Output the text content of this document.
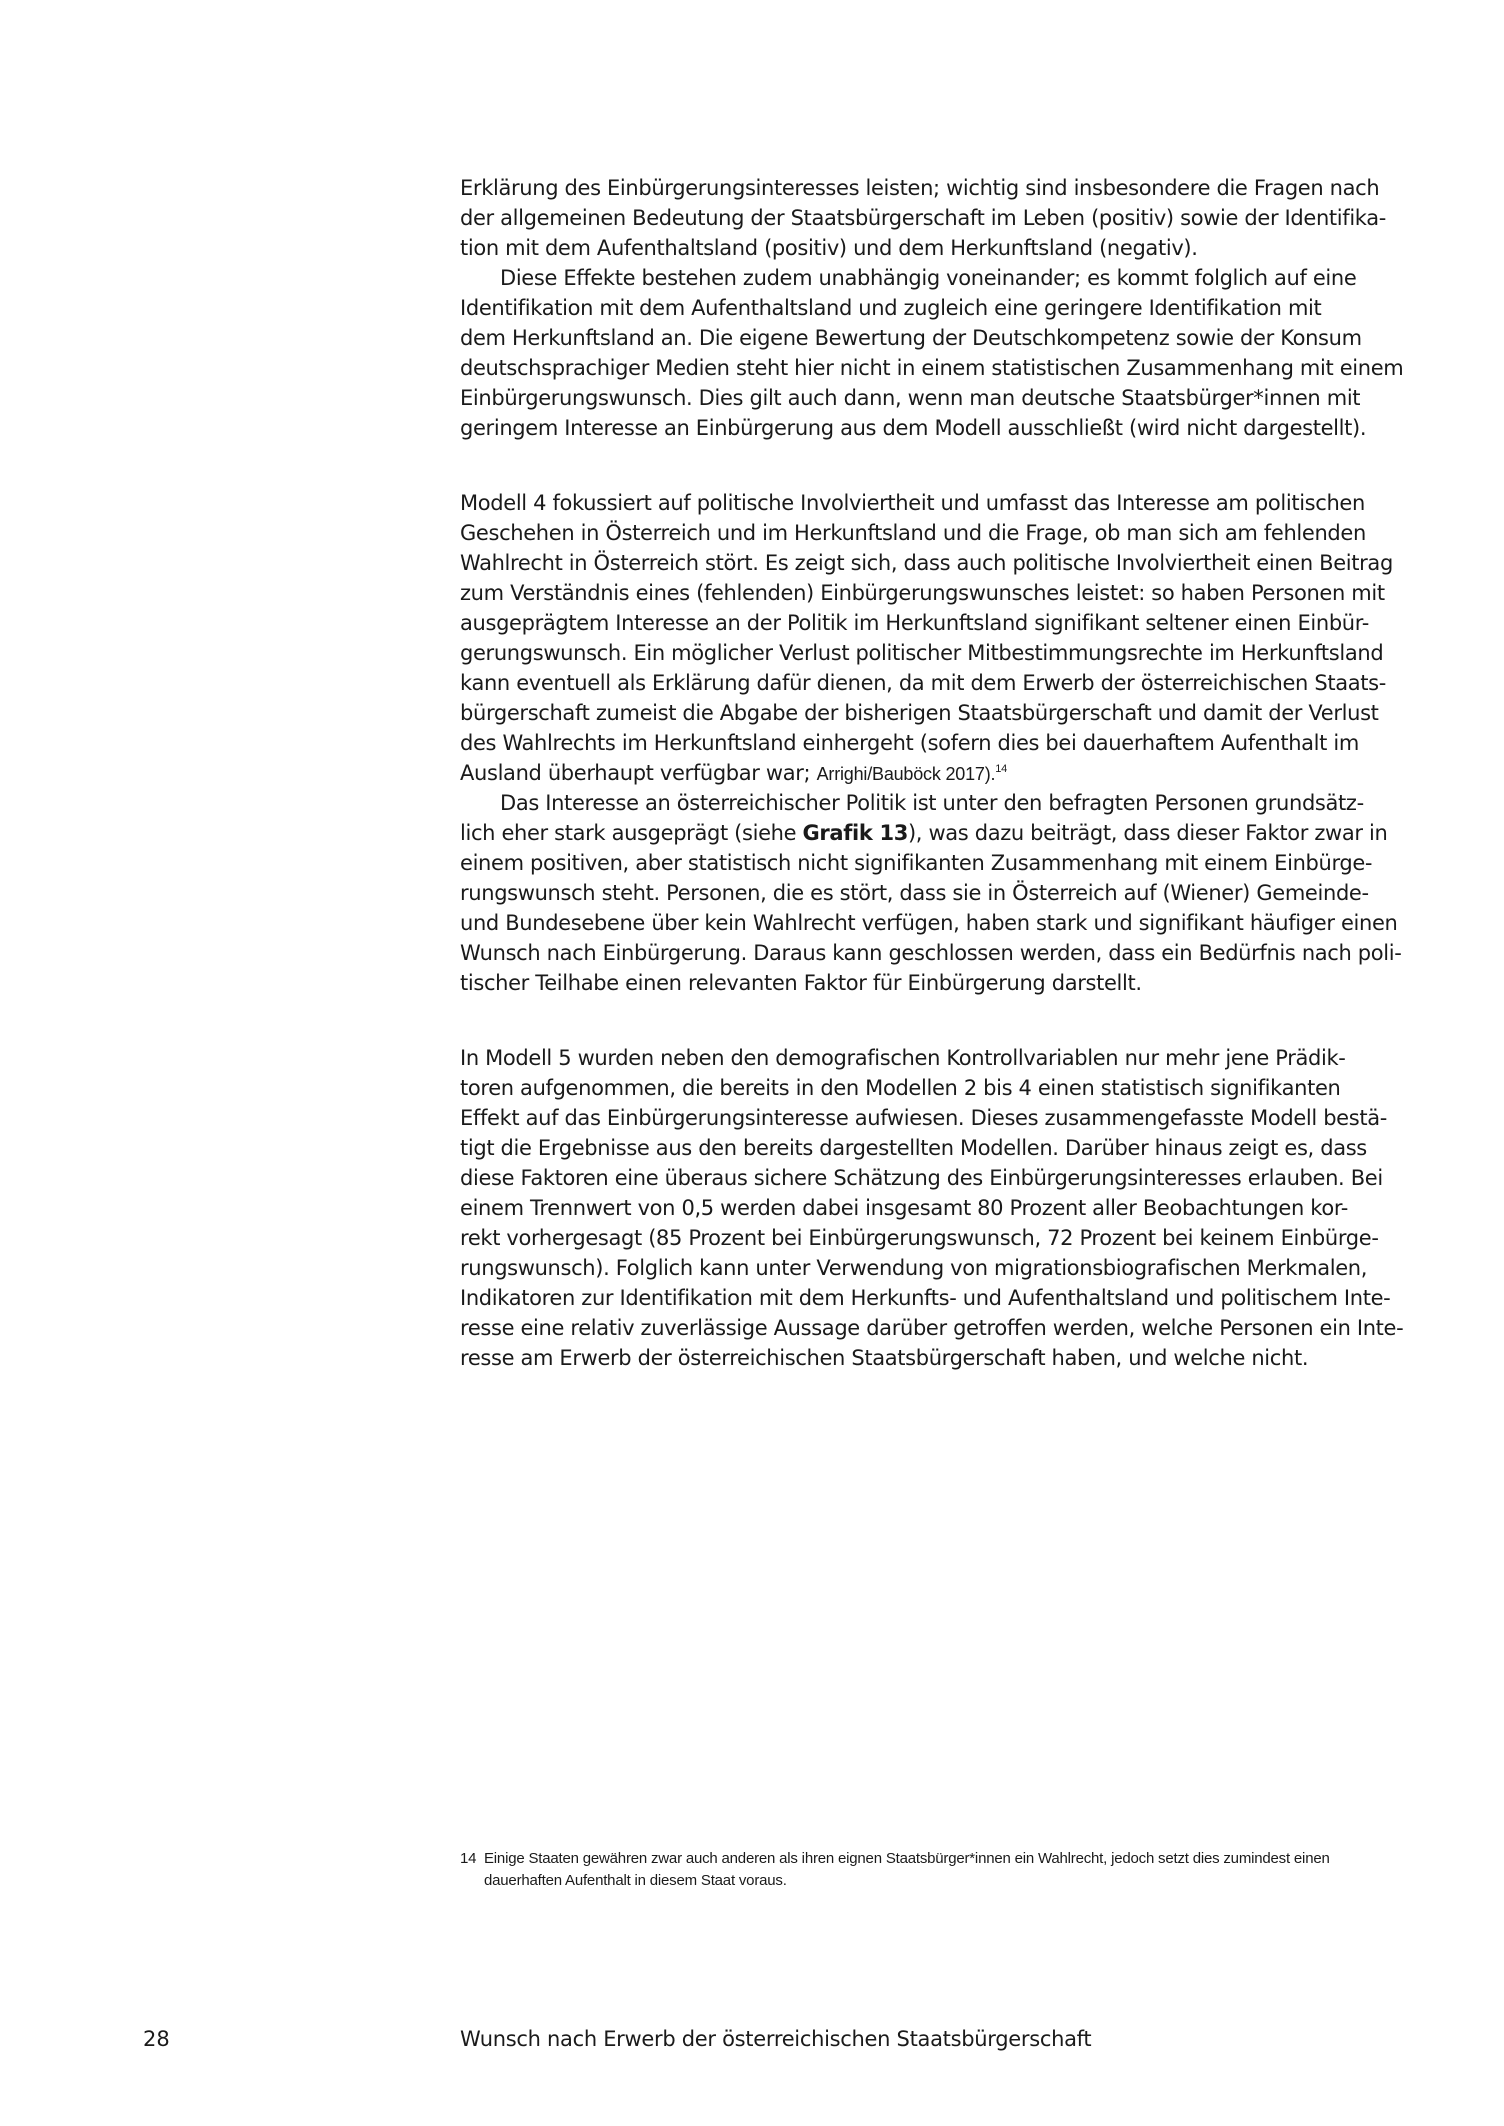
Erklärung des Einbürgerungsinteresses leisten; wichtig sind insbesondere die Fragen nach
der allgemeinen Bedeutung der Staatsbürgerschaft im Leben (positiv) sowie der Identifika-
tion mit dem Aufenthaltsland (positiv) und dem Herkunftsland (negativ).
Diese Effekte bestehen zudem unabhängig voneinander; es kommt folglich auf eine
Identifikation mit dem Aufenthaltsland und zugleich eine geringere Identifikation mit
dem Herkunftsland an. Die eigene Bewertung der Deutschkompetenz sowie der Konsum
deutschsprachiger Medien steht hier nicht in einem statistischen Zusammenhang mit einem
Einbürgerungswunsch. Dies gilt auch dann, wenn man deutsche Staatsbürger*innen mit
geringem Interesse an Einbürgerung aus dem Modell ausschließt (wird nicht dargestellt).
Modell 4 fokussiert auf politische Involviertheit und umfasst das Interesse am politischen
Geschehen in Österreich und im Herkunftsland und die Frage, ob man sich am fehlenden
Wahlrecht in Österreich stört. Es zeigt sich, dass auch politische Involviertheit einen Beitrag
zum Verständnis eines (fehlenden) Einbürgerungswunsches leistet: so haben Personen mit
ausgeprägtem Interesse an der Politik im Herkunftsland signifikant seltener einen Einbür-
gerungswunsch. Ein möglicher Verlust politischer Mitbestimmungsrechte im Herkunftsland
kann eventuell als Erklärung dafür dienen, da mit dem Erwerb der österreichischen Staats-
bürgerschaft zumeist die Abgabe der bisherigen Staatsbürgerschaft und damit der Verlust
des Wahlrechts im Herkunftsland einhergeht (sofern dies bei dauerhaftem Aufenthalt im
Ausland überhaupt verfügbar war; Arrighi/Bauböck 2017).$^{14}$
Das Interesse an österreichischer Politik ist unter den befragten Personen grundsätz-
lich eher stark ausgeprägt (siehe Grafik 13), was dazu beiträgt, dass dieser Faktor zwar in
einem positiven, aber statistisch nicht signifikanten Zusammenhang mit einem Einbürge-
rungswunsch steht. Personen, die es stört, dass sie in Österreich auf (Wiener) Gemeinde-
und Bundesebene über kein Wahlrecht verfügen, haben stark und signifikant häufiger einen
Wunsch nach Einbürgerung. Daraus kann geschlossen werden, dass ein Bedürfnis nach poli-
tischer Teilhabe einen relevanten Faktor für Einbürgerung darstellt.
In Modell 5 wurden neben den demografischen Kontrollvariablen nur mehr jene Prädik-
toren aufgenommen, die bereits in den Modellen 2 bis 4 einen statistisch signifikanten
Effekt auf das Einbürgerungsinteresse aufwiesen. Dieses zusammengefasste Modell bestä-
tigt die Ergebnisse aus den bereits dargestellten Modellen. Darüber hinaus zeigt es, dass
diese Faktoren eine überaus sichere Schätzung des Einbürgerungsinteresses erlauben. Bei
einem Trennwert von 0,5 werden dabei insgesamt 80 Prozent aller Beobachtungen kor-
rekt vorhergesagt (85 Prozent bei Einbürgerungswunsch, 72 Prozent bei keinem Einbürge-
rungswunsch). Folglich kann unter Verwendung von migrationsbiografischen Merkmalen,
Indikatoren zur Identifikation mit dem Herkunfts- und Aufenthaltsland und politischem Inte-
resse eine relativ zuverlässige Aussage darüber getroffen werden, welche Personen ein Inte-
resse am Erwerb der österreichischen Staatsbürgerschaft haben, und welche nicht.
14 Einige Staaten gewähren zwar auch anderen als ihren eignen Staatsbürger*innen ein Wahlrecht, jedoch setzt dies zumindest einen
dauerhaften Aufenthalt in diesem Staat voraus.
28	Wunsch nach Erwerb der österreichischen Staatsbürgerschaft
